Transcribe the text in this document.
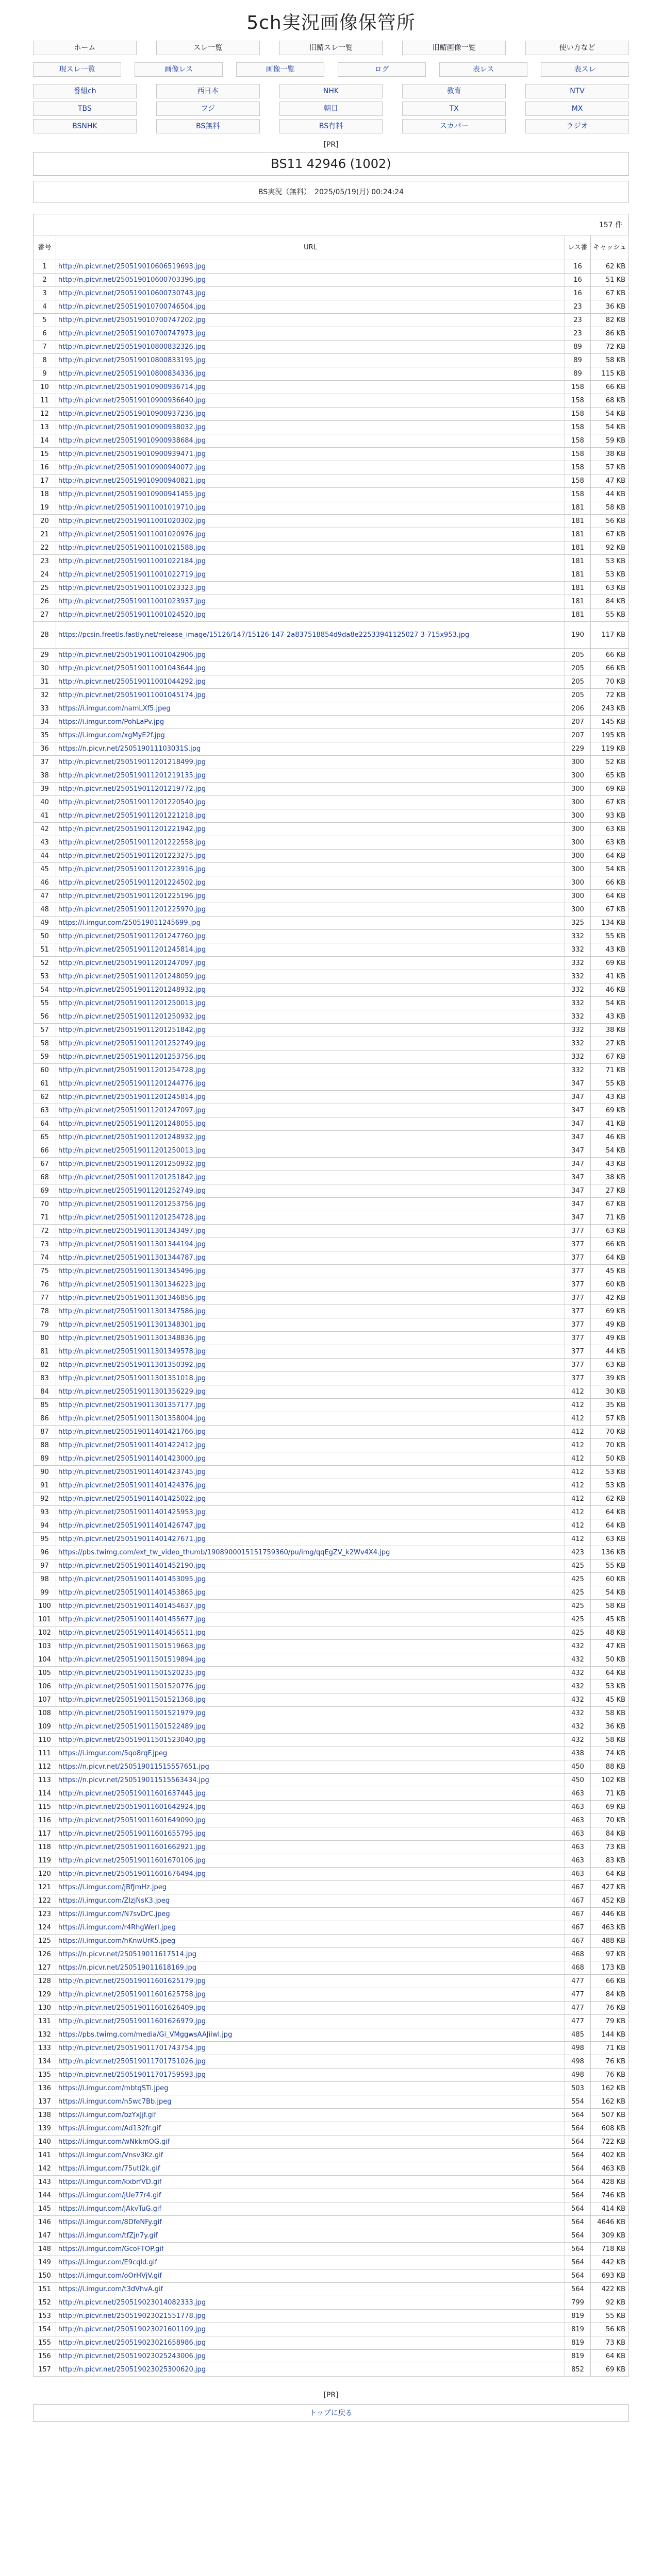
5ch実況画像保管所
ホーム	スレ一覧	旧鯖スレ一覧	旧鯖画像一覧	使い方など
現スレ一覧	画像レス	画像一覧	ログ	表レス	表スレ
番組ch	西日本	NHK	教育	NTV
TBS	フジ	朝日	TX	MX
BSNHK	BS無料	BS有料	スカパー	ラジオ
[PR]
BS11 42946 (1002)
BS実況（無料）　2025/05/19(月) 00:24:24
157 件
番号	URL	レス番	キャッシュ
1	http://n.picvr.net/250519010606519693.jpg	16	62 KB
2	http://n.picvr.net/250519010600703396.jpg	16	51 KB
3	http://n.picvr.net/250519010600730743.jpg	16	67 KB
4	http://n.picvr.net/250519010700746504.jpg	23	36 KB
5	http://n.picvr.net/250519010700747202.jpg	23	82 KB
6	http://n.picvr.net/250519010700747973.jpg	23	86 KB
7	http://n.picvr.net/250519010800832326.jpg	89	72 KB
8	http://n.picvr.net/250519010800833195.jpg	89	58 KB
9	http://n.picvr.net/250519010800834336.jpg	89	115 KB
10	http://n.picvr.net/250519010900936714.jpg	158	66 KB
11	http://n.picvr.net/250519010900936640.jpg	158	68 KB
12	http://n.picvr.net/250519010900937236.jpg	158	54 KB
13	http://n.picvr.net/250519010900938032.jpg	158	54 KB
14	http://n.picvr.net/250519010900938684.jpg	158	59 KB
15	http://n.picvr.net/250519010900939471.jpg	158	38 KB
16	http://n.picvr.net/250519010900940072.jpg	158	57 KB
17	http://n.picvr.net/250519010900940821.jpg	158	47 KB
18	http://n.picvr.net/250519010900941455.jpg	158	44 KB
19	http://n.picvr.net/250519011001019710.jpg	181	58 KB
20	http://n.picvr.net/250519011001020302.jpg	181	56 KB
21	http://n.picvr.net/250519011001020976.jpg	181	67 KB
22	http://n.picvr.net/250519011001021588.jpg	181	92 KB
23	http://n.picvr.net/250519011001022184.jpg	181	53 KB
24	http://n.picvr.net/250519011001022719.jpg	181	53 KB
25	http://n.picvr.net/250519011001023323.jpg	181	63 KB
26	http://n.picvr.net/250519011001023937.jpg	181	84 KB
27	http://n.picvr.net/250519011001024520.jpg	181	55 KB
28	https://pcsin.freetls.fastly.net/release_image/15126/147/15126-147-2a837518854d9da8e22533941125027 3-715x953.jpg	190	117 KB
29	http://n.picvr.net/250519011001042906.jpg	205	66 KB
30	http://n.picvr.net/250519011001043644.jpg	205	66 KB
31	http://n.picvr.net/250519011001044292.jpg	205	70 KB
32	http://n.picvr.net/250519011001045174.jpg	205	72 KB
33	https://i.imgur.com/namLXf5.jpeg	206	243 KB
34	https://i.imgur.com/PohLaPv.jpg	207	145 KB
35	https://i.imgur.com/xgMyE2f.jpg	207	195 KB
36	https://n.picvr.net/250519011103031S.jpg	229	119 KB
37	http://n.picvr.net/250519011201218499.jpg	300	52 KB
38	http://n.picvr.net/250519011201219135.jpg	300	65 KB
39	http://n.picvr.net/250519011201219772.jpg	300	69 KB
40	http://n.picvr.net/250519011201220540.jpg	300	67 KB
41	http://n.picvr.net/250519011201221218.jpg	300	93 KB
42	http://n.picvr.net/250519011201221942.jpg	300	63 KB
43	http://n.picvr.net/250519011201222558.jpg	300	63 KB
44	http://n.picvr.net/250519011201223275.jpg	300	64 KB
45	http://n.picvr.net/250519011201223916.jpg	300	54 KB
46	http://n.picvr.net/250519011201224502.jpg	300	66 KB
47	http://n.picvr.net/250519011201225196.jpg	300	64 KB
48	http://n.picvr.net/250519011201225970.jpg	300	67 KB
49	https://i.imgur.com/250519011245699.jpg	325	134 KB
50	http://n.picvr.net/250519011201247760.jpg	332	55 KB
51	http://n.picvr.net/250519011201245814.jpg	332	43 KB
52	http://n.picvr.net/250519011201247097.jpg	332	69 KB
53	http://n.picvr.net/250519011201248059.jpg	332	41 KB
54	http://n.picvr.net/250519011201248932.jpg	332	46 KB
55	http://n.picvr.net/250519011201250013.jpg	332	54 KB
56	http://n.picvr.net/250519011201250932.jpg	332	43 KB
57	http://n.picvr.net/250519011201251842.jpg	332	38 KB
58	http://n.picvr.net/250519011201252749.jpg	332	27 KB
59	http://n.picvr.net/250519011201253756.jpg	332	67 KB
60	http://n.picvr.net/250519011201254728.jpg	332	71 KB
61	http://n.picvr.net/250519011201244776.jpg	347	55 KB
62	http://n.picvr.net/250519011201245814.jpg	347	43 KB
63	http://n.picvr.net/250519011201247097.jpg	347	69 KB
64	http://n.picvr.net/250519011201248055.jpg	347	41 KB
65	http://n.picvr.net/250519011201248932.jpg	347	46 KB
66	http://n.picvr.net/250519011201250013.jpg	347	54 KB
67	http://n.picvr.net/250519011201250932.jpg	347	43 KB
68	http://n.picvr.net/250519011201251842.jpg	347	38 KB
69	http://n.picvr.net/250519011201252749.jpg	347	27 KB
70	http://n.picvr.net/250519011201253756.jpg	347	67 KB
71	http://n.picvr.net/250519011201254728.jpg	347	71 KB
72	http://n.picvr.net/250519011301343497.jpg	377	63 KB
73	http://n.picvr.net/250519011301344194.jpg	377	66 KB
74	http://n.picvr.net/250519011301344787.jpg	377	64 KB
75	http://n.picvr.net/250519011301345496.jpg	377	45 KB
76	http://n.picvr.net/250519011301346223.jpg	377	60 KB
77	http://n.picvr.net/250519011301346856.jpg	377	42 KB
78	http://n.picvr.net/250519011301347586.jpg	377	69 KB
79	http://n.picvr.net/250519011301348301.jpg	377	49 KB
80	http://n.picvr.net/250519011301348836.jpg	377	49 KB
81	http://n.picvr.net/250519011301349578.jpg	377	44 KB
82	http://n.picvr.net/250519011301350392.jpg	377	63 KB
83	http://n.picvr.net/250519011301351018.jpg	377	39 KB
84	http://n.picvr.net/250519011301356229.jpg	412	30 KB
85	http://n.picvr.net/250519011301357177.jpg	412	35 KB
86	http://n.picvr.net/250519011301358004.jpg	412	57 KB
87	http://n.picvr.net/250519011401421766.jpg	412	70 KB
88	http://n.picvr.net/250519011401422412.jpg	412	70 KB
89	http://n.picvr.net/250519011401423000.jpg	412	50 KB
90	http://n.picvr.net/250519011401423745.jpg	412	53 KB
91	http://n.picvr.net/250519011401424376.jpg	412	53 KB
92	http://n.picvr.net/250519011401425022.jpg	412	62 KB
93	http://n.picvr.net/250519011401425953.jpg	412	64 KB
94	http://n.picvr.net/250519011401426747.jpg	412	64 KB
95	http://n.picvr.net/250519011401427671.jpg	412	63 KB
96	https://pbs.twimg.com/ext_tw_video_thumb/1908900015151759360/pu/img/qqEgZV_k2Wv4X4.jpg	423	136 KB
97	http://n.picvr.net/250519011401452190.jpg	425	55 KB
98	http://n.picvr.net/250519011401453095.jpg	425	60 KB
99	http://n.picvr.net/250519011401453865.jpg	425	54 KB
100	http://n.picvr.net/250519011401454637.jpg	425	58 KB
101	http://n.picvr.net/250519011401455677.jpg	425	45 KB
102	http://n.picvr.net/250519011401456511.jpg	425	48 KB
103	http://n.picvr.net/250519011501519663.jpg	432	47 KB
104	http://n.picvr.net/250519011501519894.jpg	432	50 KB
105	http://n.picvr.net/250519011501520235.jpg	432	64 KB
106	http://n.picvr.net/250519011501520776.jpg	432	53 KB
107	http://n.picvr.net/250519011501521368.jpg	432	45 KB
108	http://n.picvr.net/250519011501521979.jpg	432	58 KB
109	http://n.picvr.net/250519011501522489.jpg	432	36 KB
110	http://n.picvr.net/250519011501523040.jpg	432	58 KB
111	https://i.imgur.com/5qo8rqF.jpeg	438	74 KB
112	https://n.picvr.net/250519011515557651.jpg	450	88 KB
113	https://n.picvr.net/250519011515563434.jpg	450	102 KB
114	http://n.picvr.net/250519011601637445.jpg	463	71 KB
115	http://n.picvr.net/250519011601642924.jpg	463	69 KB
116	http://n.picvr.net/250519011601649090.jpg	463	70 KB
117	http://n.picvr.net/250519011601655795.jpg	463	84 KB
118	http://n.picvr.net/250519011601662921.jpg	463	73 KB
119	http://n.picvr.net/250519011601670106.jpg	463	83 KB
120	http://n.picvr.net/250519011601676494.jpg	463	64 KB
121	https://i.imgur.com/jBfJmHz.jpeg	467	427 KB
122	https://i.imgur.com/ZlzjNsK3.jpeg	467	452 KB
123	https://i.imgur.com/N7svDrC.jpeg	467	446 KB
124	https://i.imgur.com/r4RhgWerl.jpeg	467	463 KB
125	https://i.imgur.com/hKnwUrK5.jpeg	467	488 KB
126	https://n.picvr.net/250519011617514.jpg	468	97 KB
127	https://n.picvr.net/250519011618169.jpg	468	173 KB
128	http://n.picvr.net/250519011601625179.jpg	477	66 KB
129	http://n.picvr.net/250519011601625758.jpg	477	84 KB
130	http://n.picvr.net/250519011601626409.jpg	477	76 KB
131	http://n.picvr.net/250519011601626979.jpg	477	79 KB
132	https://pbs.twimg.com/media/Gi_VMggwsAAJiiwl.jpg	485	144 KB
133	http://n.picvr.net/250519011701743754.jpg	498	71 KB
134	http://n.picvr.net/250519011701751026.jpg	498	76 KB
135	http://n.picvr.net/250519011701759593.jpg	498	76 KB
136	https://i.imgur.com/mbtqSTi.jpeg	503	162 KB
137	https://i.imgur.com/n5wc7Bb.jpeg	554	162 KB
138	https://i.imgur.com/bzYxJjf.gif	564	507 KB
139	https://i.imgur.com/Ad132fr.gif	564	608 KB
140	https://i.imgur.com/wNkkmOG.gif	564	722 KB
141	https://i.imgur.com/Vnsv3Kz.gif	564	402 KB
142	https://i.imgur.com/75utl2k.gif	564	463 KB
143	https://i.imgur.com/kxbrfVD.gif	564	428 KB
144	https://i.imgur.com/jUe77r4.gif	564	746 KB
145	https://i.imgur.com/jAkvTuG.gif	564	414 KB
146	https://i.imgur.com/8DfeNFy.gif	564	4646 KB
147	https://i.imgur.com/tfZjn7y.gif	564	309 KB
148	https://i.imgur.com/GcoFTOP.gif	564	718 KB
149	https://i.imgur.com/E9cqld.gif	564	442 KB
150	https://i.imgur.com/oOrHVjV.gif	564	693 KB
151	https://i.imgur.com/t3dVhvA.gif	564	422 KB
152	http://n.picvr.net/250519023014082333.jpg	799	92 KB
153	http://n.picvr.net/250519023021551778.jpg	819	55 KB
154	http://n.picvr.net/250519023021601109.jpg	819	56 KB
155	http://n.picvr.net/250519023021658986.jpg	819	73 KB
156	http://n.picvr.net/250519023025243006.jpg	819	64 KB
157	http://n.picvr.net/250519023025300620.jpg	852	69 KB
[PR]
トップに戻る
